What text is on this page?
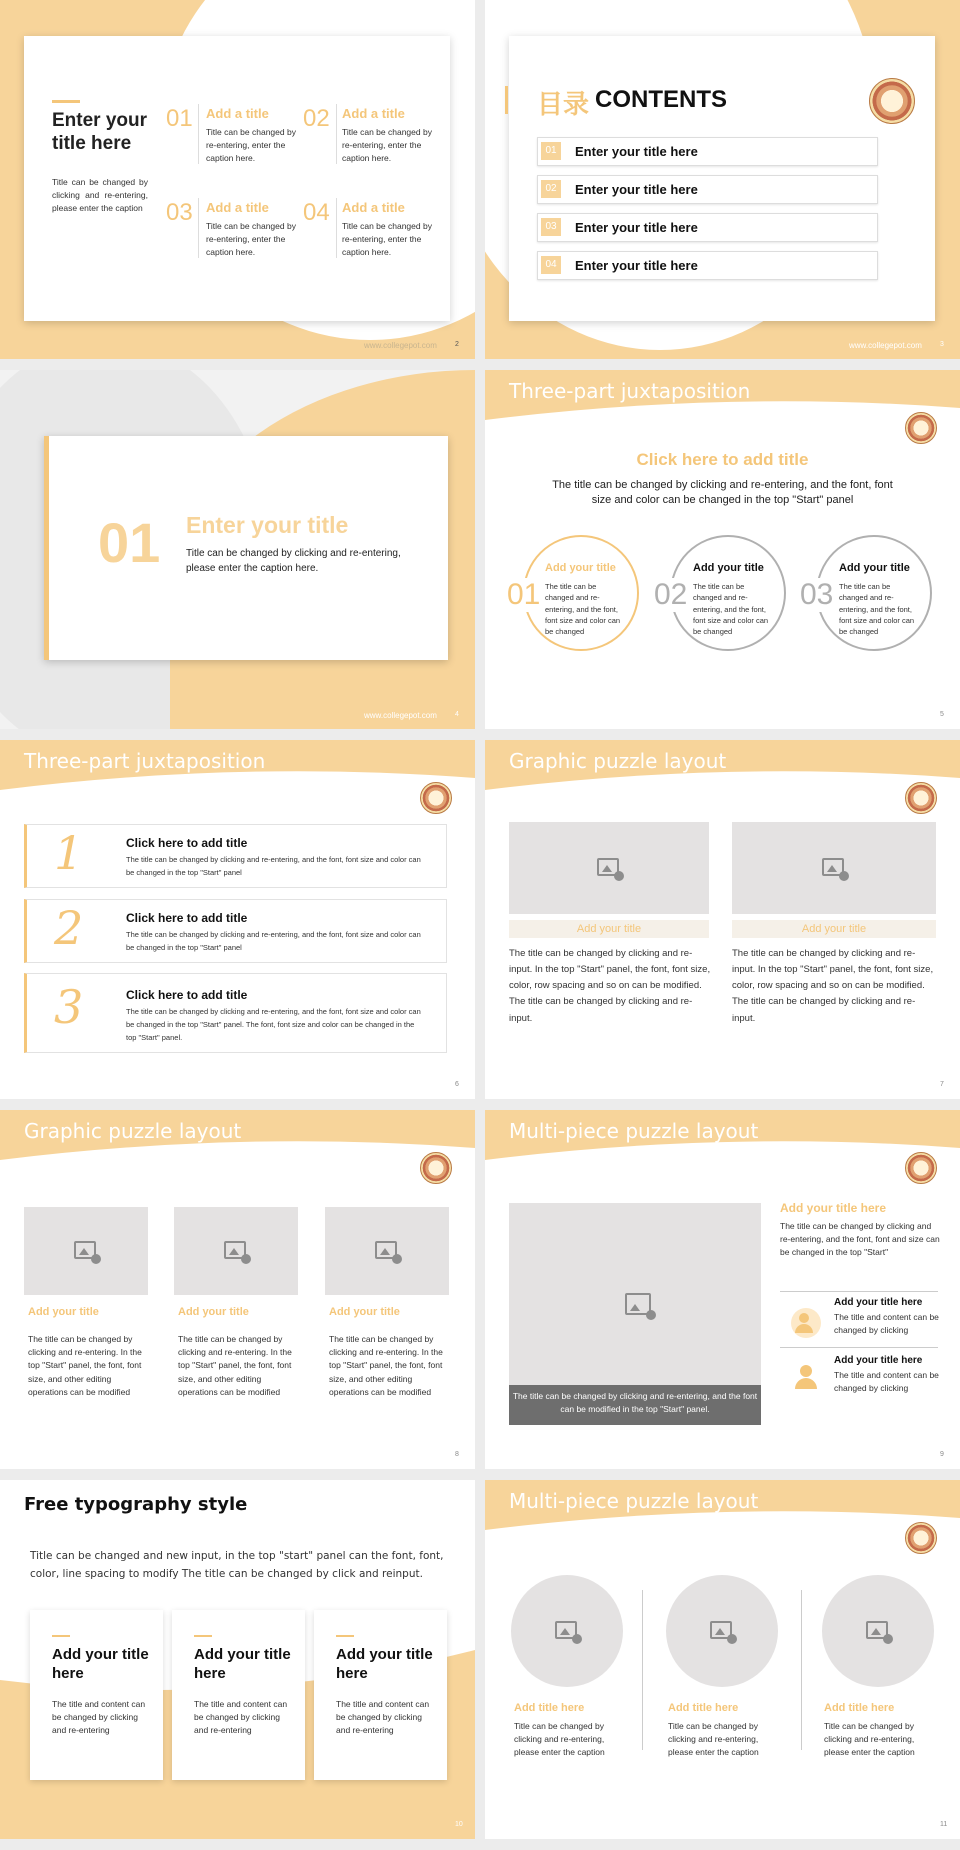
Enter your title here
Title can be changed by clicking and re-entering, please enter the caption
01 Add a title
Title can be changed by re-entering, enter the caption here.
02 Add a title
Title can be changed by re-entering, enter the caption here.
03 Add a title
Title can be changed by re-entering, enter the caption here.
04 Add a title
Title can be changed by re-entering, enter the caption here.
www.collegepot.com	2
目录 CONTENTS
01	Enter your title here
02	Enter your title here
03	Enter your title here
04	Enter your title here
www.collegepot.com	3
01 Enter your title
Title can be changed by clicking and re-entering, please enter the caption here.
www.collegepot.com	4
Three-part juxtaposition
Click here to add title
The title can be changed by clicking and re-entering, and the font, font size and color can be changed in the top "Start" panel
01
Add your title
The title can be changed and re-entering, and the font, font size and color can be changed
02
Add your title
The title can be changed and re-entering, and the font, font size and color can be changed
03
Add your title
The title can be changed and re-entering, and the font, font size and color can be changed
5
Three-part juxtaposition
1	Click here to add title
The title can be changed by clicking and re-entering, and the font, font size and color can be changed in the top "Start" panel
2	Click here to add title
The title can be changed by clicking and re-entering, and the font, font size and color can be changed in the top "Start" panel
3	Click here to add title
The title can be changed by clicking and re-entering, and the font, font size and color can be changed in the top "Start" panel. The font, font size and color can be changed in the top "Start" panel.
6
Graphic puzzle layout
Add your title
The title can be changed by clicking and re-input. In the top "Start" panel, the font, font size, color, row spacing and so on can be modified. The title can be changed by clicking and re-input.
Add your title
The title can be changed by clicking and re-input. In the top "Start" panel, the font, font size, color, row spacing and so on can be modified. The title can be changed by clicking and re-input.
7
Graphic puzzle layout
Add your title
The title can be changed by clicking and re-entering. In the top "Start" panel, the font, font size, and other editing operations can be modified
Add your title
The title can be changed by clicking and re-entering. In the top "Start" panel, the font, font size, and other editing operations can be modified
Add your title
The title can be changed by clicking and re-entering. In the top "Start" panel, the font, font size, and other editing operations can be modified
8
Multi-piece puzzle layout
The title can be changed by clicking and re-entering, and the font can be modified in the top "Start" panel.
Add your title here
The title can be changed by clicking and re-entering, and the font, font and size can be changed in the top "Start"
Add your title here
The title and content can be changed by clicking
Add your title here
The title and content can be changed by clicking
9
Free typography style
Title can be changed and new input, in the top "start" panel can the font, font, color, line spacing to modify The title can be changed by click and reinput.
Add your title here
The title and content can be changed by clicking and re-entering
Add your title here
The title and content can be changed by clicking and re-entering
Add your title here
The title and content can be changed by clicking and re-entering
10
Multi-piece puzzle layout
Add title here
Title can be changed by clicking and re-entering, please enter the caption
Add title here
Title can be changed by clicking and re-entering, please enter the caption
Add title here
Title can be changed by clicking and re-entering, please enter the caption
11
